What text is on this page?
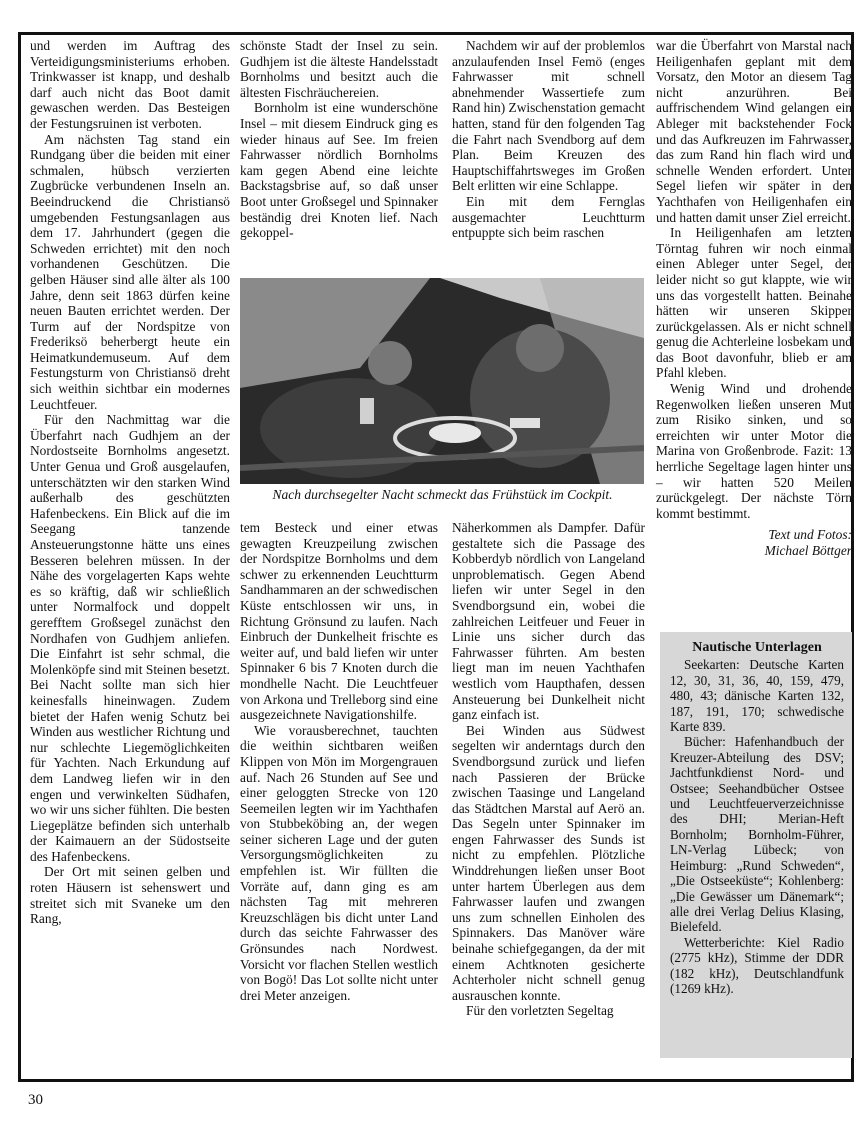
und werden im Auftrag des Verteidigungsministeriums erhoben. Trinkwasser ist knapp, und deshalb darf auch nicht das Boot damit gewaschen werden. Das Besteigen der Festungsruinen ist verboten.

Am nächsten Tag stand ein Rundgang über die beiden mit einer schmalen, hübsch verzierten Zugbrücke verbundenen Inseln an. Beeindruckend die Christiansö umgebenden Festungsanlagen aus dem 17. Jahrhundert (gegen die Schweden errichtet) mit den noch vorhandenen Geschützen. Die gelben Häuser sind alle älter als 100 Jahre, denn seit 1863 dürfen keine neuen Bauten errichtet werden. Der Turm auf der Nordspitze von Frederiksö beherbergt heute ein Heimatkundemuseum. Auf dem Festungsturm von Christiansö dreht sich weithin sichtbar ein modernes Leuchtfeuer.

Für den Nachmittag war die Überfahrt nach Gudhjem an der Nordostseite Bornholms angesetzt. Unter Genua und Groß ausgelaufen, unterschätzten wir den starken Wind außerhalb des geschützten Hafenbeckens. Ein Blick auf die im Seegang tanzende Ansteuerungstonne hätte uns eines Besseren belehren müssen. In der Nähe des vorgelagerten Kaps wehte es so kräftig, daß wir schließlich unter Normalfock und doppelt gerefftem Großsegel zunächst den Nordhafen von Gudhjem anliefen. Die Einfahrt ist sehr schmal, die Molenköpfe sind mit Steinen besetzt. Bei Nacht sollte man sich hier keinesfalls hineinwagen. Zudem bietet der Hafen wenig Schutz bei Winden aus westlicher Richtung und nur schlechte Liegemöglichkeiten für Yachten. Nach Erkundung auf dem Landweg liefen wir in den engen und verwinkelten Südhafen, wo wir uns sicher fühlten. Die besten Liegeplätze befinden sich unterhalb der Kaimauern an der Südostseite des Hafenbeckens.

Der Ort mit seinen gelben und roten Häusern ist sehenswert und streitet sich mit Svaneke um den Rang,

schönste Stadt der Insel zu sein. Gudhjem ist die älteste Handelsstadt Bornholms und besitzt auch die ältesten Fischräuchereien.

Bornholm ist eine wunderschöne Insel – mit diesem Eindruck ging es wieder hinaus auf See. Im freien Fahrwasser nördlich Bornholms kam gegen Abend eine leichte Backstagsbrise auf, so daß unser Boot unter Großsegel und Spinnaker beständig drei Knoten lief. Nach gekoppel-

Nachdem wir auf der problemlos anzulaufenden Insel Femö (enges Fahrwasser mit schnell abnehmender Wassertiefe zum Rand hin) Zwischenstation gemacht hatten, stand für den folgenden Tag die Fahrt nach Svendborg auf dem Plan. Beim Kreuzen des Hauptschiffahrtsweges im Großen Belt erlitten wir eine Schlappe.

Ein mit dem Fernglas ausgemachter Leuchtturm entpuppte sich beim raschen

Nach durchsegelter Nacht schmeckt das Frühstück im Cockpit.

tem Besteck und einer etwas gewagten Kreuzpeilung zwischen der Nordspitze Bornholms und dem schwer zu erkennenden Leuchtturm Sandhammaren an der schwedischen Küste entschlossen wir uns, in Richtung Grönsund zu laufen. Nach Einbruch der Dunkelheit frischte es weiter auf, und bald liefen wir unter Spinnaker 6 bis 7 Knoten durch die mondhelle Nacht. Die Leuchtfeuer von Arkona und Trelleborg sind eine ausgezeichnete Navigationshilfe.

Wie vorausberechnet, tauchten die weithin sichtbaren weißen Klippen von Mön im Morgengrauen auf. Nach 26 Stunden auf See und einer geloggten Strecke von 120 Seemeilen legten wir im Yachthafen von Stubbeköbing an, der wegen seiner sicheren Lage und der guten Versorgungsmöglichkeiten zu empfehlen ist. Wir füllten die Vorräte auf, dann ging es am nächsten Tag mit mehreren Kreuzschlägen bis dicht unter Land durch das seichte Fahrwasser des Grönsundes nach Nordwest. Vorsicht vor flachen Stellen westlich von Bogö! Das Lot sollte nicht unter drei Meter anzeigen.

Näherkommen als Dampfer. Dafür gestaltete sich die Passage des Kobberdyb nördlich von Langeland unproblematisch. Gegen Abend liefen wir unter Segel in den Svendborgsund ein, wobei die zahlreichen Leitfeuer und Feuer in Linie uns sicher durch das Fahrwasser führten. Am besten liegt man im neuen Yachthafen westlich vom Haupthafen, dessen Ansteuerung bei Dunkelheit nicht ganz einfach ist.

Bei Winden aus Südwest segelten wir anderntags durch den Svendborgsund zurück und liefen nach Passieren der Brücke zwischen Taasinge und Langeland das Städtchen Marstal auf Aerö an. Das Segeln unter Spinnaker im engen Fahrwasser des Sunds ist nicht zu empfehlen. Plötzliche Winddrehungen ließen unser Boot unter hartem Überlegen aus dem Fahrwasser laufen und zwangen uns zum schnellen Einholen des Spinnakers. Das Manöver wäre beinahe schiefgegangen, da der mit einem Achtknoten gesicherte Achterholer nicht schnell genug ausrauschen konnte.

Für den vorletzten Segeltag

war die Überfahrt von Marstal nach Heiligenhafen geplant mit dem Vorsatz, den Motor an diesem Tag nicht anzurühren. Bei auffrischendem Wind gelangen ein Ableger mit backstehender Fock und das Aufkreuzen im Fahrwasser, das zum Rand hin flach wird und schnelle Wenden erfordert. Unter Segel liefen wir später in den Yachthafen von Heiligenhafen ein und hatten damit unser Ziel erreicht.

In Heiligenhafen am letzten Törntag fuhren wir noch einmal einen Ableger unter Segel, der leider nicht so gut klappte, wie wir uns das vorgestellt hatten. Beinahe hätten wir unseren Skipper zurückgelassen. Als er nicht schnell genug die Achterleine losbekam und das Boot davonfuhr, blieb er am Pfahl kleben.

Wenig Wind und drohende Regenwolken ließen unseren Mut zum Risiko sinken, und so erreichten wir unter Motor die Marina von Großenbrode. Fazit: 13 herrliche Segeltage lagen hinter uns – wir hatten 520 Meilen zurückgelegt. Der nächste Törn kommt bestimmt.

Text und Fotos:
Michael Böttger
Nautische Unterlagen

Seekarten: Deutsche Karten 12, 30, 31, 36, 40, 159, 479, 480, 43; dänische Karten 132, 187, 191, 170; schwedische Karte 839.

Bücher: Hafenhandbuch der Kreuzer-Abteilung des DSV; Jachtfunkdienst Nord- und Ostsee; Seehandbücher Ostsee und Leuchtfeuerverzeichnisse des DHI; Merian-Heft Bornholm; Bornholm-Führer, LN-Verlag Lübeck; von Heimburg: „Rund Schweden“, „Die Ostseeküste“; Kohlenberg: „Die Gewässer um Dänemark“; alle drei Verlag Delius Klasing, Bielefeld.

Wetterberichte: Kiel Radio (2775 kHz), Stimme der DDR (182 kHz), Deutschlandfunk (1269 kHz).

30
